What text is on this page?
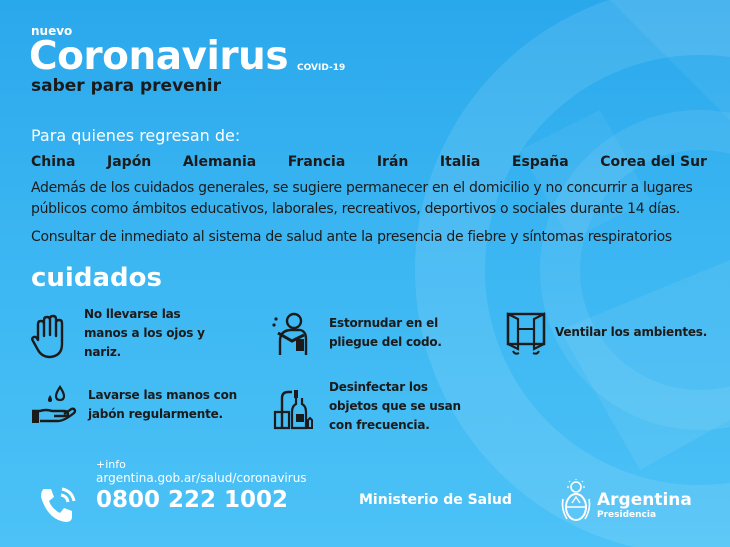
nuevo
Coronavirus COVID-19
saber para prevenir
Para quienes regresan de:
China Japón Alemania Francia Irán Italia España Corea del Sur
Además de los cuidados generales, se sugiere permanecer en el domicilio y no concurrir a lugares públicos como ámbitos educativos, laborales, recreativos, deportivos o sociales durante 14 días.
Consultar de inmediato al sistema de salud ante la presencia de fiebre y síntomas respiratorios
cuidados
No llevarse las
manos a los ojos y
nariz.
Estornudar en el
pliegue del codo.
Ventilar los ambientes.
Lavarse las manos con
jabón regularmente.
Desinfectar los
objetos que se usan
con frecuencia.
+info
argentina.gob.ar/salud/coronavirus
0800 222 1002	Ministerio de Salud	Argentina
Presidencia
